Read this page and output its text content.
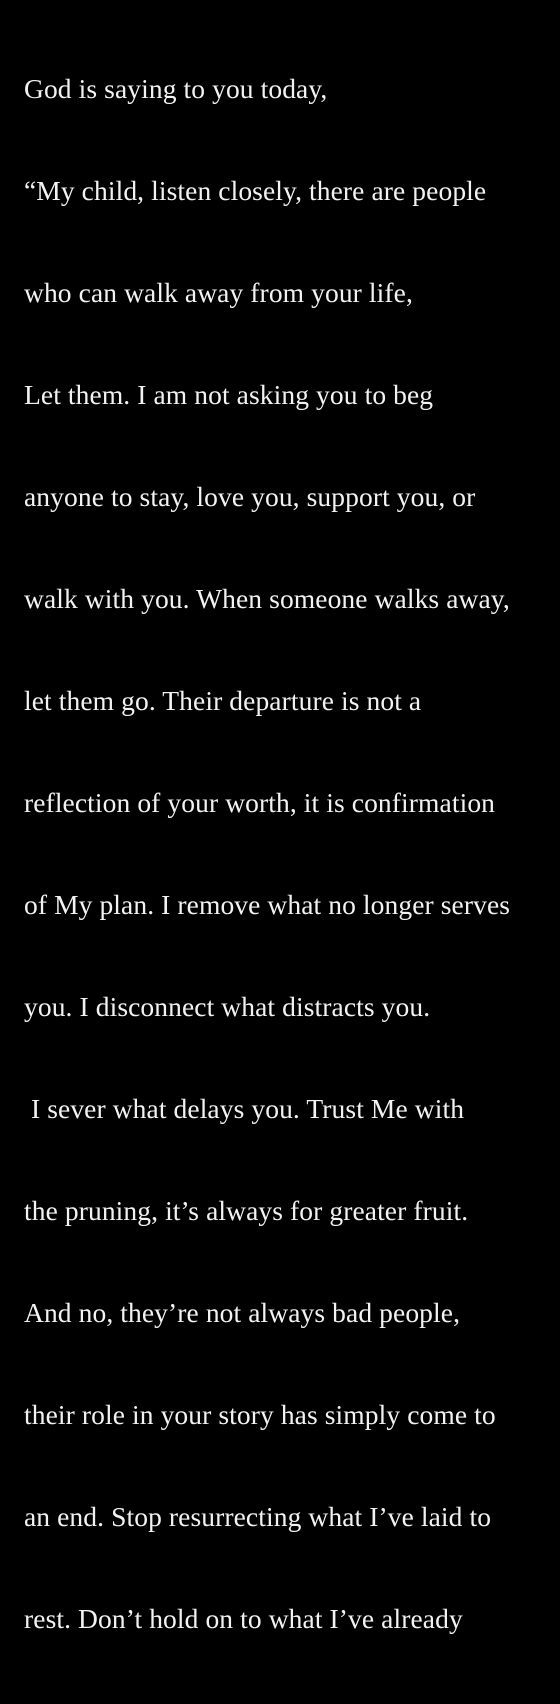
God is saying to you today,

“My child, listen closely, there are people

who can walk away from your life,

Let them. I am not asking you to beg

anyone to stay, love you, support you, or

walk with you. When someone walks away,

let them go. Their departure is not a

reflection of your worth, it is confirmation

of My plan. I remove what no longer serves

you. I disconnect what distracts you.

I sever what delays you. Trust Me with

the pruning, it’s always for greater fruit.

And no, they’re not always bad people,

their role in your story has simply come to

an end. Stop resurrecting what I’ve laid to

rest. Don’t hold on to what I’ve already
